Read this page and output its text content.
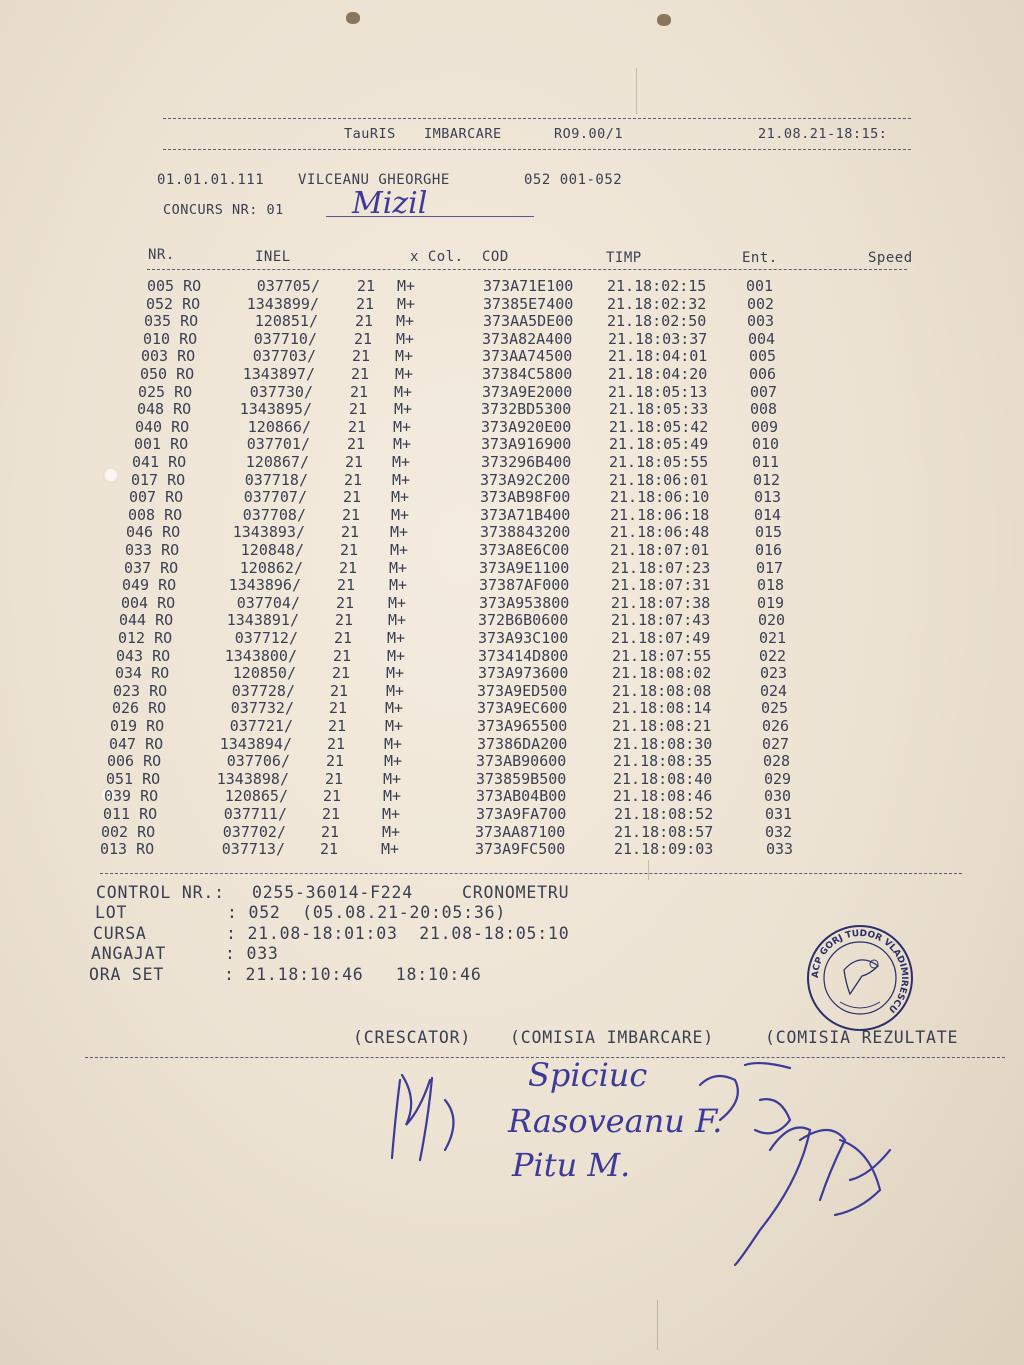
TauRIS IMBARCARE	RO9.00/1	21.08.21-18:15:
01.01.01.111 VILCEANU GHEORGHE	052 001-052
CONCURS NR: 01 Mizil
NR.	INEL	x Col. COD	TIMP	Ent.	Speed
005 RO	037705/ 21 M+	373A71E100 21.18:02:15	001
052 RO	1343899/ 21 M+	37385E7400 21.18:02:32	002
035 RO	120851/ 21 M+	373AA5DE00 21.18:02:50	003
010 RO	037710/ 21 M+	373A82A400 21.18:03:37	004
003 RO	037703/ 21 M+	373AA74500 21.18:04:01	005
050 RO	1343897/ 21 M+	37384C5800 21.18:04:20	006
025 RO	037730/ 21 M+	373A9E2000 21.18:05:13	007
048 RO	1343895/ 21 M+	3732BD5300	21.18:05:33	008
040 RO	120866/ 21 M+	373A920E00	21.18:05:42	009
001 RO	037701/ 21 M+	373A916900	21.18:05:49	010
041 RO	120867/ 21 M+	373296B400	21.18:05:55	011
017 RO	037718/ 21 M+	373A92C200	21.18:06:01	012
007 RO	037707/ 21 M+	373AB98F00	21.18:06:10	013
008 RO	037708/ 21 M+	373A71B400	21.18:06:18	014
046 RO	1343893/ 21 M+	3738843200	21.18:06:48	015
033 RO	120848/ 21 M+	373A8E6C00	21.18:07:01	016
037 RO	120862/ 21 M+	373A9E1100	21.18:07:23	017
049 RO	1343896/ 21 M+	37387AF000	21.18:07:31	018
004 RO	037704/ 21 M+	373A953800	21.18:07:38	019
044 RO	1343891/ 21 M+	372B6B0600	21.18:07:43	020
012 RO	037712/ 21 M+	373A93C100	21.18:07:49	021
043 RO	1343800/ 21 M+	373414D800	21.18:07:55	022
034 RO	120850/ 21 M+	373A973600	21.18:08:02	023
023 RO	037728/ 21	M+	373A9ED500	21.18:08:08	024
026 RO	037732/ 21	M+	373A9EC600	21.18:08:14	025
019 RO	037721/ 21	M+	373A965500	21.18:08:21	026
047 RO	1343894/ 21	M+	37386DA200	21.18:08:30	027
006 RO	037706/ 21	M+	373AB90600	21.18:08:35	028
051 RO	1343898/ 21	M+	373859B500	21.18:08:40	029
039 RO	120865/ 21	M+	373AB04B00	21.18:08:46	030
011 RO	037711/ 21	M+	373A9FA700	21.18:08:52	031
002 RO	037702/ 21	M+	373AA87100	21.18:08:57	032
013 RO	037713/ 21	M+	373A9FC500	21.18:09:03	033
CONTROL NR.: 0255-36014-F224	CRONOMETRU
LOT	: 052  (05.08.21-20:05:36)
CURSA	: 21.08-18:01:03  21.08-18:05:10
ANGAJAT	: 033
ORA SET	: 21.18:10:46   18:10:46	ACP GORJ TUDOR VLADIMIRESCU
(CRESCATOR) (COMISIA IMBARCARE)	(COMISIA REZULTATE
Spiciuc
Rasoveanu F.
Pitu M.
